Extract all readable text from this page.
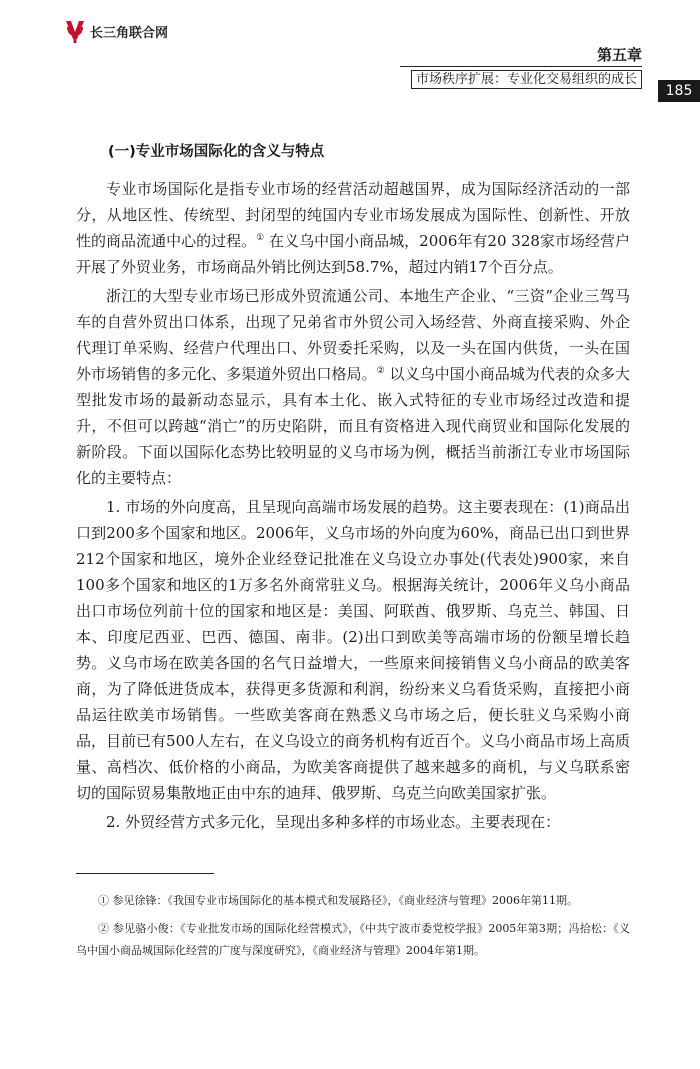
长三角联合网
第五章
市场秩序扩展：专业化交易组织的成长
185
(一)专业市场国际化的含义与特点

专业市场国际化是指专业市场的经营活动超越国界，成为国际经济活动的一部分，从地区性、传统型、封闭型的纯国内专业市场发展成为国际性、创新性、开放性的商品流通中心的过程。① 在义乌中国小商品城，2006年有20 328家市场经营户开展了外贸业务，市场商品外销比例达到58.7%，超过内销17个百分点。

浙江的大型专业市场已形成外贸流通公司、本地生产企业、“三资”企业三驾马车的自营外贸出口体系，出现了兄弟省市外贸公司入场经营、外商直接采购、外企代理订单采购、经营户代理出口、外贸委托采购，以及一头在国内供货，一头在国外市场销售的多元化、多渠道外贸出口格局。② 以义乌中国小商品城为代表的众多大型批发市场的最新动态显示，具有本土化、嵌入式特征的专业市场经过改造和提升，不但可以跨越“消亡”的历史陷阱，而且有资格进入现代商贸业和国际化发展的新阶段。下面以国际化态势比较明显的义乌市场为例，概括当前浙江专业市场国际化的主要特点：

1. 市场的外向度高，且呈现向高端市场发展的趋势。这主要表现在：(1)商品出口到200多个国家和地区。2006年，义乌市场的外向度为60%，商品已出口到世界212个国家和地区，境外企业经登记批准在义乌设立办事处(代表处)900家，来自100多个国家和地区的1万多名外商常驻义乌。根据海关统计，2006年义乌小商品出口市场位列前十位的国家和地区是：美国、阿联酋、俄罗斯、乌克兰、韩国、日本、印度尼西亚、巴西、德国、南非。(2)出口到欧美等高端市场的份额呈增长趋势。义乌市场在欧美各国的名气日益增大，一些原来间接销售义乌小商品的欧美客商，为了降低进货成本，获得更多货源和利润，纷纷来义乌看货采购，直接把小商品运往欧美市场销售。一些欧美客商在熟悉义乌市场之后，便长驻义乌采购小商品，目前已有500人左右，在义乌设立的商务机构有近百个。义乌小商品市场上高质量、高档次、低价格的小商品，为欧美客商提供了越来越多的商机，与义乌联系密切的国际贸易集散地正由中东的迪拜、俄罗斯、乌克兰向欧美国家扩张。

2. 外贸经营方式多元化，呈现出多种多样的市场业态。主要表现在：

① 参见徐锋：《我国专业市场国际化的基本模式和发展路径》，《商业经济与管理》2006年第11期。

② 参见骆小俊：《专业批发市场的国际化经营模式》，《中共宁波市委党校学报》2005年第3期；冯拾松：《义乌中国小商品城国际化经营的广度与深度研究》，《商业经济与管理》2004年第1期。
